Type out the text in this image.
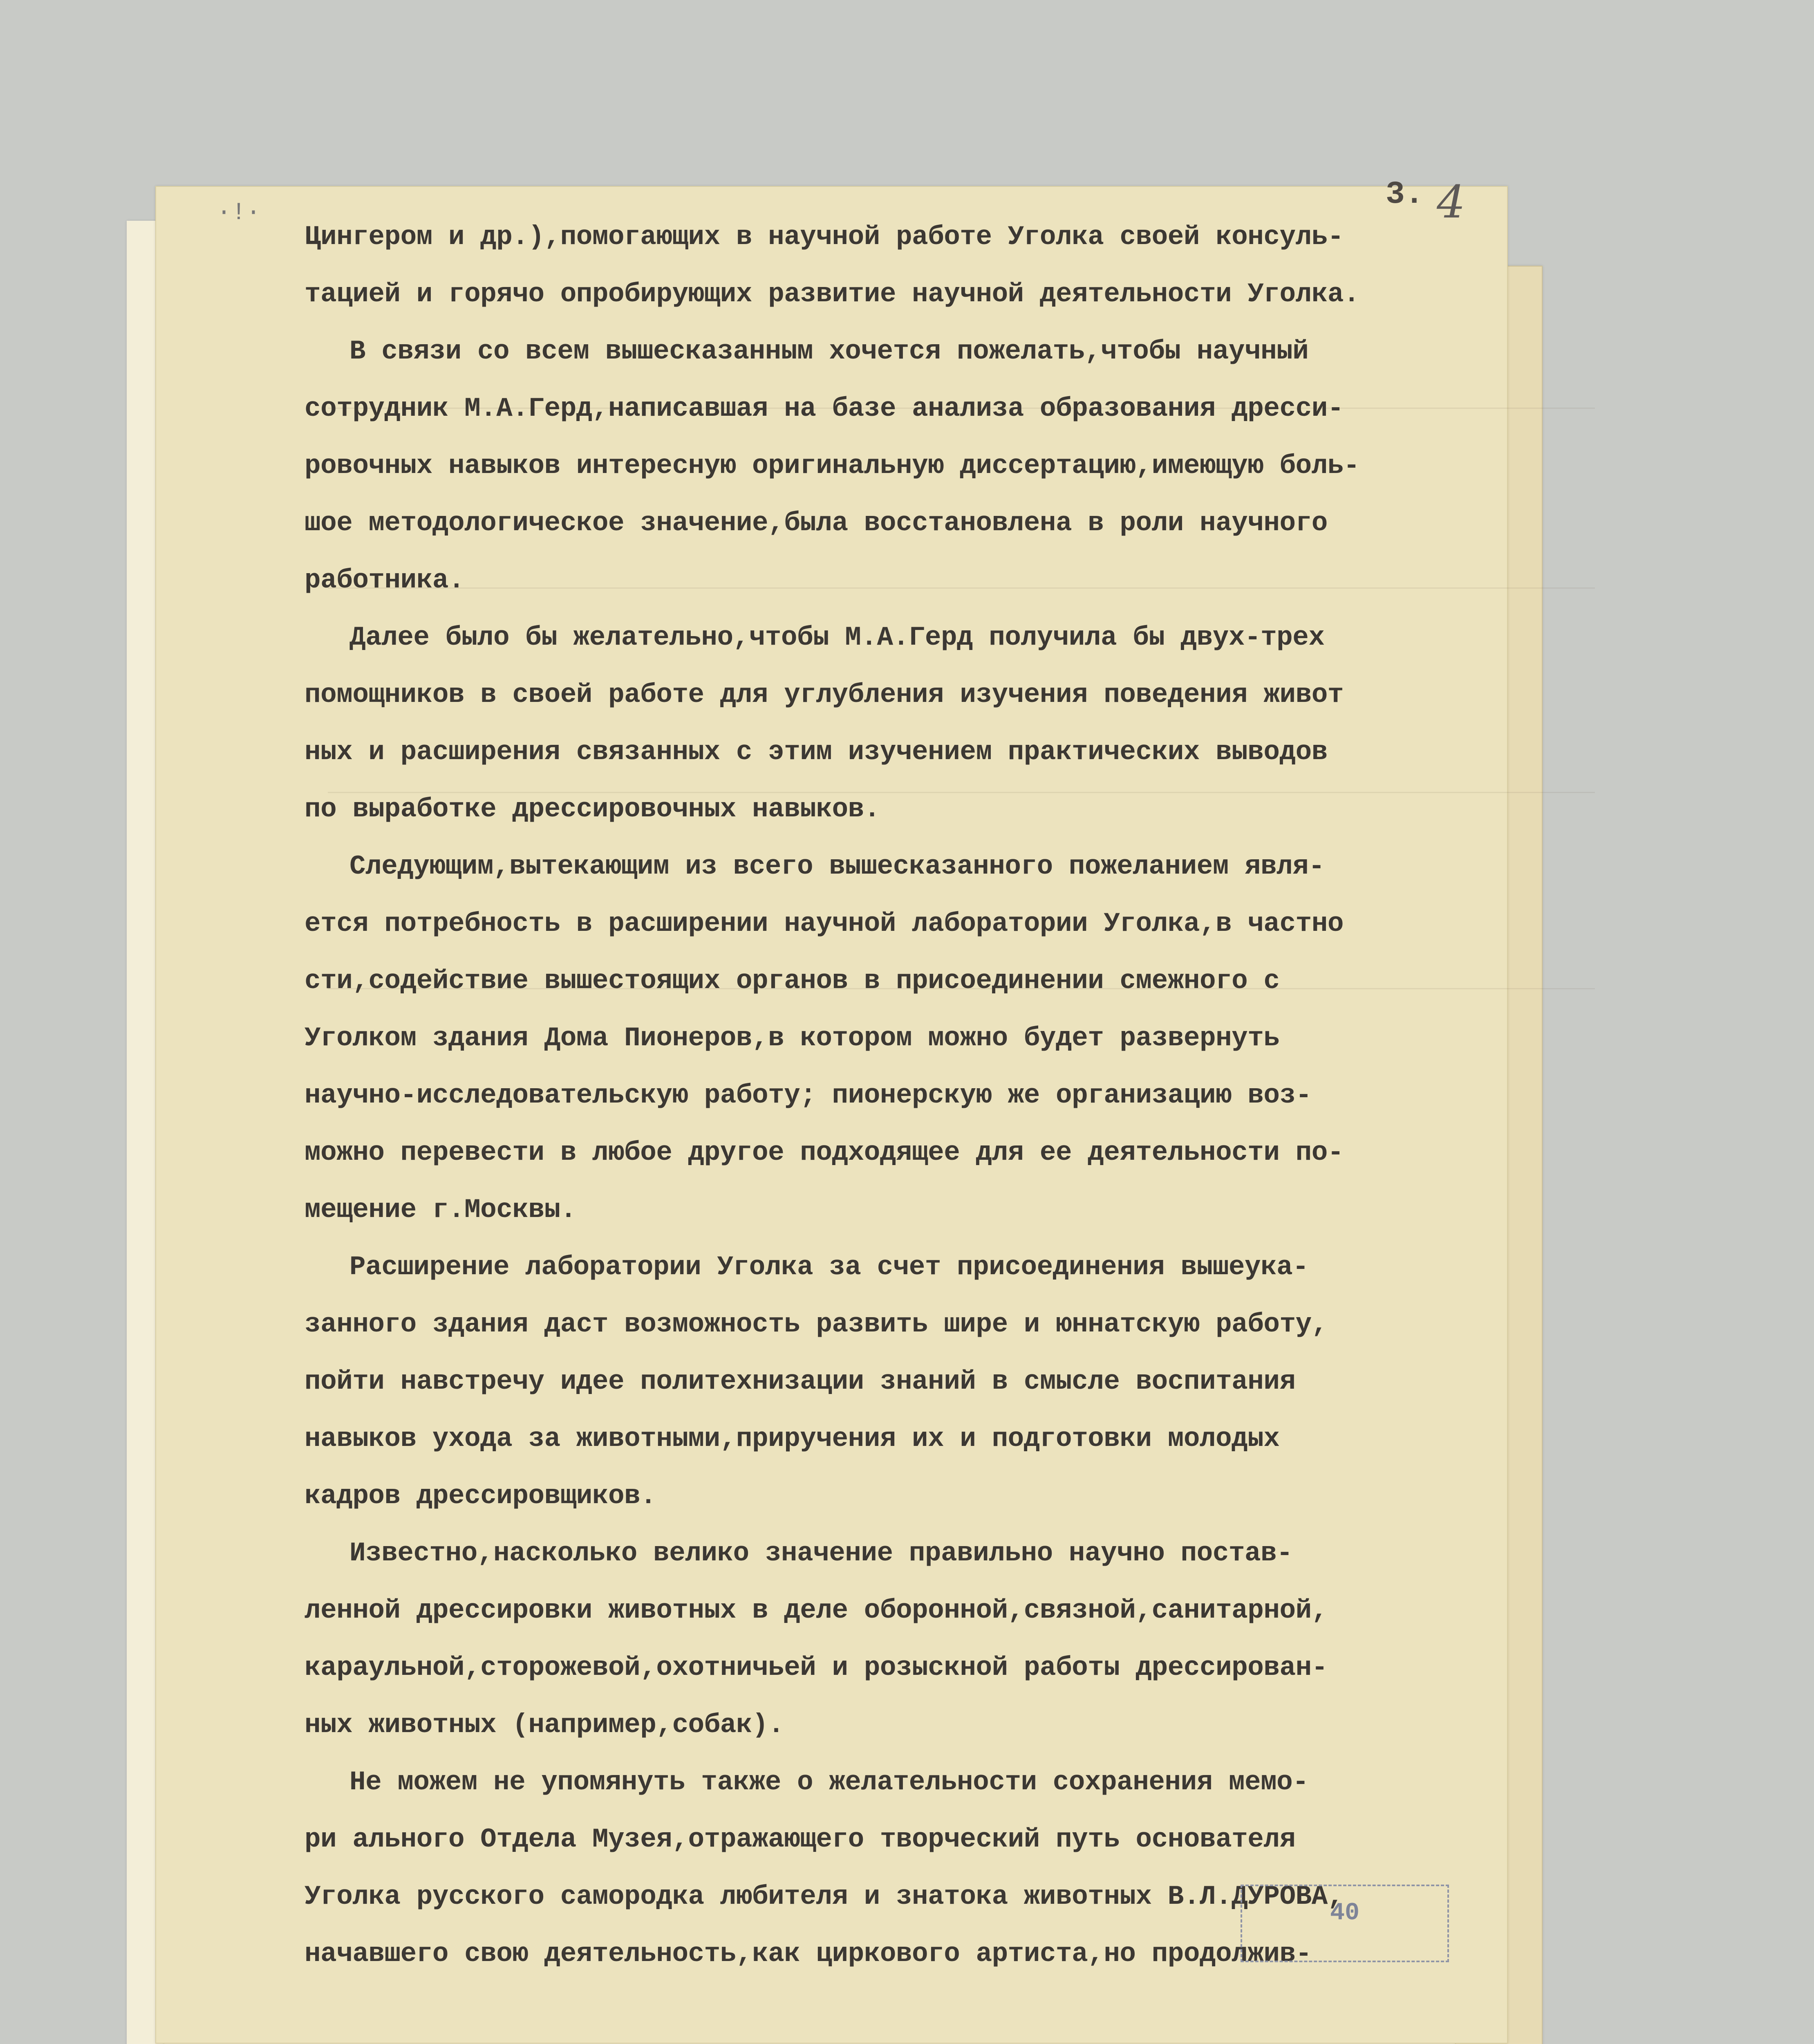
·!·
3. 4
Цингером и др.),помогающих в научной работе Уголка своей консуль-
тацией и горячо опробирующих развитие научной деятельности Уголка.
В связи со всем вышесказанным хочется пожелать,чтобы научный
сотрудник М.А.Герд,написавшая на базе анализа образования дресси-
ровочных навыков интересную оригинальную диссертацию,имеющую боль-
шое методологическое значение,была восстановлена в роли научного
работника.
Далее было бы желательно,чтобы М.А.Герд получила бы двух-трех
помощников в своей работе для углубления изучения поведения живот
ных и расширения связанных с этим изучением практических выводов
по выработке дрессировочных навыков.
Следующим,вытекающим из всего вышесказанного пожеланием явля-
ется потребность в расширении научной лаборатории Уголка,в частно
сти,содействие вышестоящих органов в присоединении смежного с
Уголком здания Дома Пионеров,в котором можно будет развернуть
научно-исследовательскую работу; пионерскую же организацию воз-
можно перевести в любое другое подходящее для ее деятельности по-
мещение г.Москвы.
Расширение лаборатории Уголка за счет присоединения вышеука-
занного здания даст возможность развить шире и юннатскую работу,
пойти навстречу идее политехнизации знаний в смысле воспитания
навыков ухода за животными,приручения их и подготовки молодых
кадров дрессировщиков.
Известно,насколько велико значение правильно научно постав-
ленной дрессировки животных в деле оборонной,связной,санитарной,
караульной,сторожевой,охотничьей и розыскной работы дрессирован-
ных животных (например,собак).
Не можем не упомянуть также о желательности сохранения мемо-
ри ального Отдела Музея,отражающего творческий путь основателя
Уголка русского самородка любителя и знатока животных В.Л.ДУРОВА,
начавшего свою деятельность,как циркового артиста,но продолжив-
40
